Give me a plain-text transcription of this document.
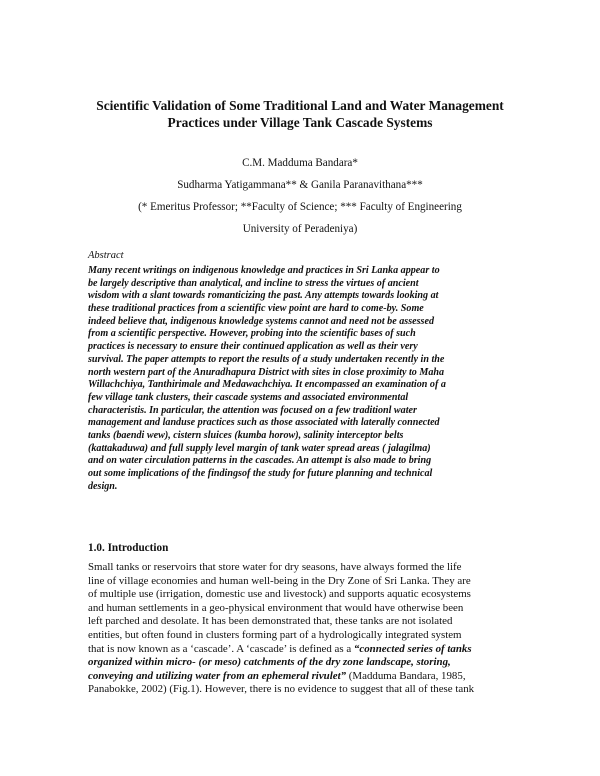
Scientific Validation of Some Traditional Land and Water Management
Practices under Village Tank Cascade Systems
C.M. Madduma Bandara*
Sudharma Yatigammana** & Ganila Paranavithana***
(* Emeritus Professor; **Faculty of Science; *** Faculty of Engineering
University of Peradeniya)
Abstract
Many recent writings on indigenous knowledge and practices in Sri Lanka appear to
be largely descriptive than analytical, and incline to stress the virtues of ancient
wisdom with a slant towards romanticizing the past. Any attempts towards looking at
these traditional practices from a scientific view point are hard to come-by. Some
indeed believe that, indigenous knowledge systems cannot and need not be assessed
from a scientific perspective. However, probing into the scientific bases of such
practices is necessary to ensure their continued application as well as their very
survival. The paper attempts to report the results of a study undertaken recently in the
north western part of the Anuradhapura District with sites in close proximity to Maha
Willachchiya, Tanthirimale and Medawachchiya. It encompassed an examination of a
few village tank clusters, their cascade systems and associated environmental
characteristis. In particular, the attention was focused on a few traditionl water
management and landuse practices such as those associated with laterally connected
tanks (baendi wew), cistern sluices (kumba horow), salinity interceptor belts
(kattakaduwa) and full supply level margin of tank water spread areas ( jalagilma)
and on water circulation patterns in the cascades. An attempt is also made to bring
out some implications of the findingsof the study for future planning and technical
design.
1.0. Introduction
Small tanks or reservoirs that store water for dry seasons, have always formed the life
line of village economies and human well-being in the Dry Zone of Sri Lanka. They are
of multiple use (irrigation, domestic use and livestock) and supports aquatic ecosystems
and human settlements in a geo-physical environment that would have otherwise been
left parched and desolate. It has been demonstrated that, these tanks are not isolated
entities, but often found in clusters forming part of a hydrologically integrated system
that is now known as a ‘cascade’. A ‘cascade’ is defined as a “connected series of tanks
organized within micro- (or meso) catchments of the dry zone landscape, storing,
conveying and utilizing water from an ephemeral rivulet” (Madduma Bandara, 1985,
Panabokke, 2002) (Fig.1). However, there is no evidence to suggest that all of these tank
